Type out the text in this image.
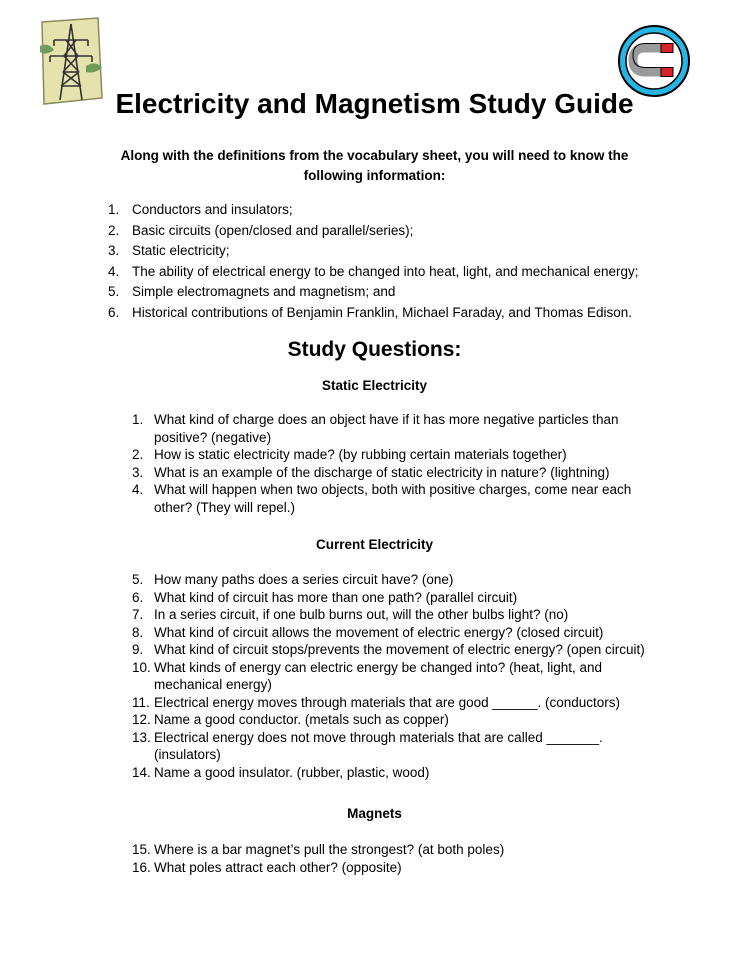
Electricity and Magnetism Study Guide

Along with the definitions from the vocabulary sheet, you will need to know the following information:

1. Conductors and insulators;
2. Basic circuits (open/closed and parallel/series);
3. Static electricity;
4. The ability of electrical energy to be changed into heat, light, and mechanical energy;
5. Simple electromagnets and magnetism; and
6. Historical contributions of Benjamin Franklin, Michael Faraday, and Thomas Edison.
Study Questions:
Static Electricity
1. What kind of charge does an object have if it has more negative particles than positive? (negative)
2. How is static electricity made? (by rubbing certain materials together)
3. What is an example of the discharge of static electricity in nature? (lightning)
4. What will happen when two objects, both with positive charges, come near each other? (They will repel.)
Current Electricity
5. How many paths does a series circuit have? (one)
6. What kind of circuit has more than one path? (parallel circuit)
7. In a series circuit, if one bulb burns out, will the other bulbs light? (no)
8. What kind of circuit allows the movement of electric energy? (closed circuit)
9. What kind of circuit stops/prevents the movement of electric energy? (open circuit)
10. What kinds of energy can electric energy be changed into? (heat, light, and mechanical energy)
11. Electrical energy moves through materials that are good ______. (conductors)
12. Name a good conductor. (metals such as copper)
13. Electrical energy does not move through materials that are called _______. (insulators)
14. Name a good insulator. (rubber, plastic, wood)
Magnets
15. Where is a bar magnet’s pull the strongest? (at both poles)
16. What poles attract each other? (opposite)
